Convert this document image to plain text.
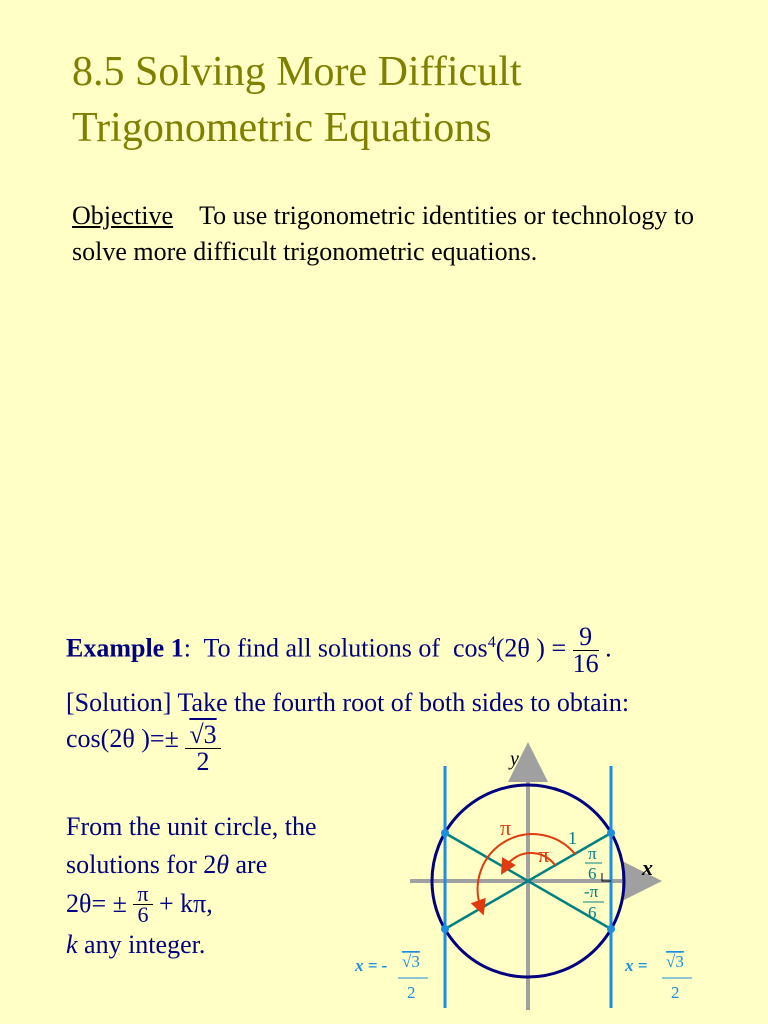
8.5 Solving More Difficult
Trigonometric Equations
Objective To use trigonometric identities or technology to solve more difficult trigonometric equations.
Example 1: To find all solutions of $\cos^4(2\theta$ ) = $\frac{9}{16}$ .
[Solution] Take the fourth root of both sides to obtain:
cos(2θ )=± $\frac{√3}{2}$
From the unit circle, the
solutions for 2θ are
$2\theta= \pm \frac{\pi}{6} + k\pi$,
k any integer.
y
x
π
π
1
π
6
-π
6
x = - √3
2
x = √3
2
